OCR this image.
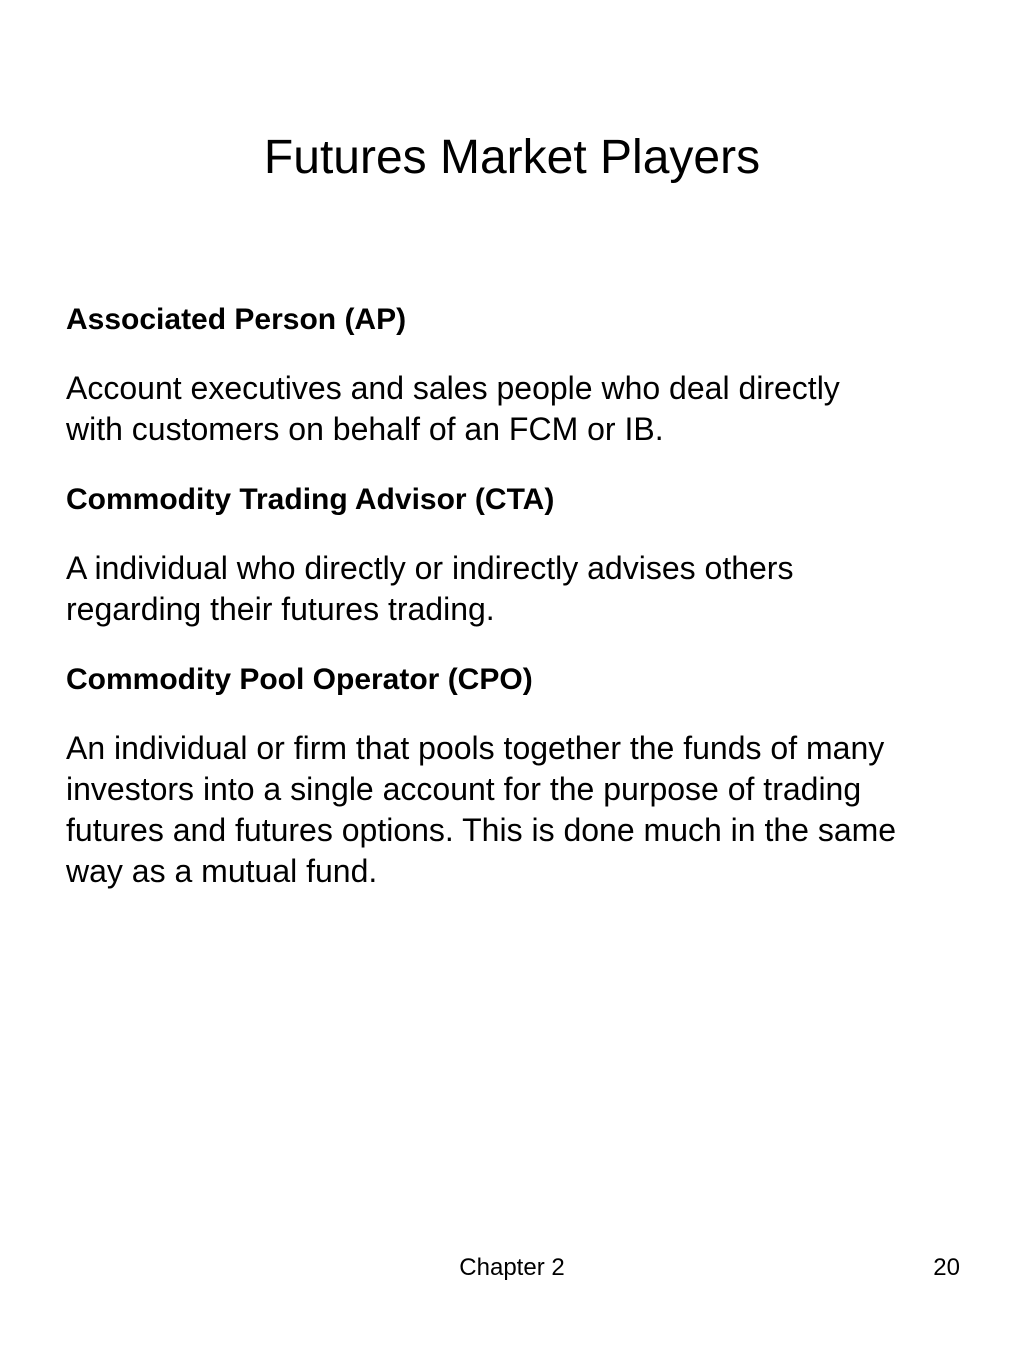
Futures Market Players

Associated Person (AP)

Account executives and sales people who deal directly
with customers on behalf of an FCM or IB.

Commodity Trading Advisor (CTA)

A individual who directly or indirectly advises others
regarding their futures trading.

Commodity Pool Operator (CPO)

An individual or firm that pools together the funds of many
investors into a single account for the purpose of trading
futures and futures options. This is done much in the same
way as a mutual fund.
Chapter 2	20
